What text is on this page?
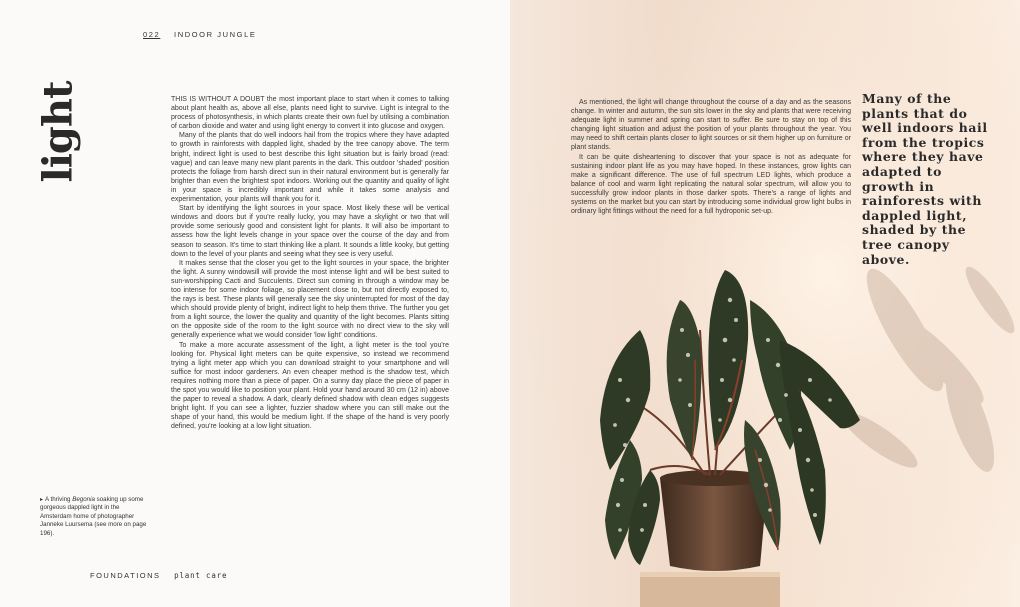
022 INDOOR JUNGLE
light	THIS IS WITHOUT A DOUBT the most important place to start when it comes to talking about plant health as, above all else, plants need light to survive. Light is integral to the process of photosynthesis, in which plants create their own fuel by utilising a combination of carbon dioxide and water and using light energy to convert it into glucose and oxygen.

Many of the plants that do well indoors hail from the tropics where they have adapted to growth in rainforests with dappled light, shaded by the tree canopy above. The term bright, indirect light is used to best describe this light situation but is fairly broad (read: vague) and can leave many new plant parents in the dark. This outdoor 'shaded' position protects the foliage from harsh direct sun in their natural environment but is generally far brighter than even the brightest spot indoors. Working out the quantity and quality of light in your space is incredibly important and while it takes some analysis and experimentation, your plants will thank you for it.

Start by identifying the light sources in your space. Most likely these will be vertical windows and doors but if you're really lucky, you may have a skylight or two that will provide some seriously good and consistent light for plants. It will also be important to assess how the light levels change in your space over the course of the day and from season to season. It's time to start thinking like a plant. It sounds a little kooky, but getting down to the level of your plants and seeing what they see is very useful.

It makes sense that the closer you get to the light sources in your space, the brighter the light. A sunny windowsill will provide the most intense light and will be best suited to sun-worshipping Cacti and Succulents. Direct sun coming in through a window may be too intense for some indoor foliage, so placement close to, but not directly exposed to, the rays is best. These plants will generally see the sky uninterrupted for most of the day which should provide plenty of bright, indirect light to help them thrive. The further you get from a light source, the lower the quality and quantity of the light becomes. Plants sitting on the opposite side of the room to the light source with no direct view to the sky will generally experience what we would consider 'low light' conditions.

To make a more accurate assessment of the light, a light meter is the tool you're looking for. Physical light meters can be quite expensive, so instead we recommend trying a light meter app which you can download straight to your smartphone and will suffice for most indoor gardeners. An even cheaper method is the shadow test, which requires nothing more than a piece of paper. On a sunny day place the piece of paper in the spot you would like to position your plant. Hold your hand around 30 cm (12 in) above the paper to reveal a shadow. A dark, clearly defined shadow with clean edges suggests bright light. If you can see a lighter, fuzzier shadow where you can still make out the shape of your hand, this would be medium light. If the shape of the hand is very poorly defined, you're looking at a low light situation.

▸ A thriving Begonia soaking up some gorgeous dappled light in the Amsterdam home of photographer Janneke Luursema (see more on page 196).
FOUNDATIONS plant care

As mentioned, the light will change throughout the course of a day and as the seasons change. In winter and autumn, the sun sits lower in the sky and plants that were receiving adequate light in summer and spring can start to suffer. Be sure to stay on top of this changing light situation and adjust the position of your plants throughout the year. You may need to shift certain plants closer to light sources or sit them higher up on furniture or plant stands.

It can be quite disheartening to discover that your space is not as adequate for sustaining indoor plant life as you may have hoped. In these instances, grow lights can make a significant difference. The use of full spectrum LED lights, which produce a balance of cool and warm light replicating the natural solar spectrum, will allow you to successfully grow indoor plants in those darker spots. There's a range of lights and systems on the market but you can start by introducing some individual grow light bulbs in ordinary light fittings without the need for a full hydroponic set-up.

Many of the plants that do well indoors hail from the tropics where they have adapted to growth in rainforests with dappled light, shaded by the tree canopy above.
